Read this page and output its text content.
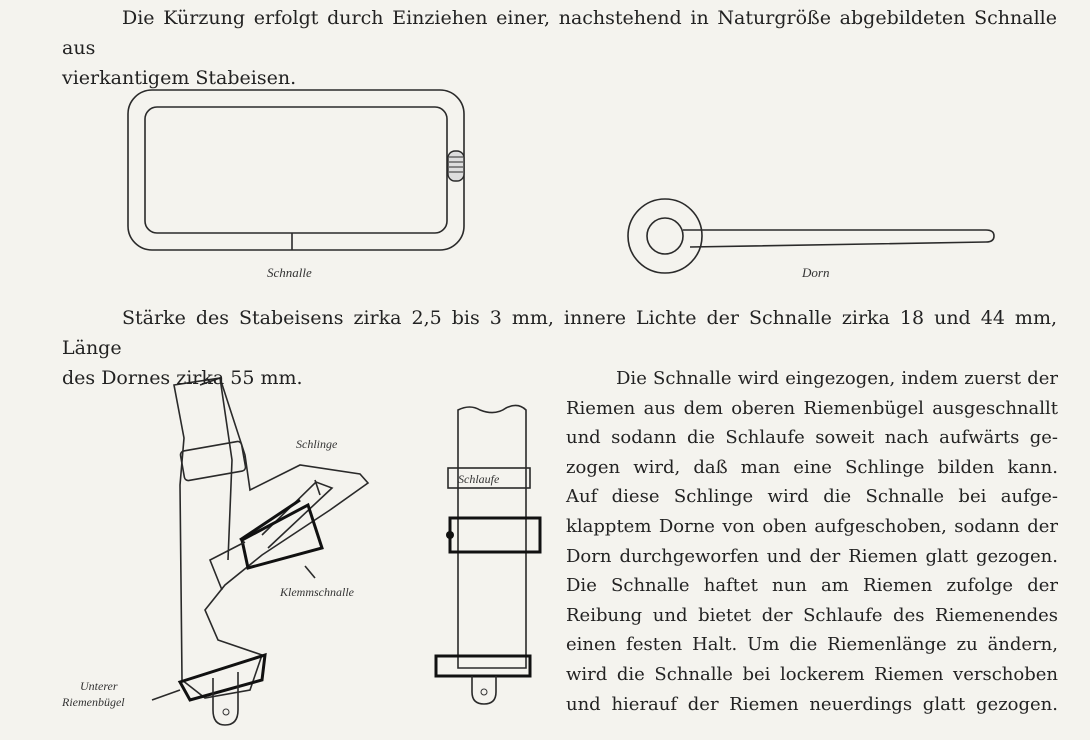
Die Kürzung erfolgt durch Einziehen einer, nachstehend in Naturgröße abgebildeten Schnalle aus
vierkantigem Stabeisen.

Schlinge
Klemmschnalle
Unterer
Riemenbügel
Schlaufe
Schnalle	Dorn

Stärke des Stabeisens zirka 2,5 bis 3 mm, innere Lichte der Schnalle zirka 18 und 44 mm, Länge
des Dornes zirka 55 mm.	Die Schnalle wird eingezogen, indem zuerst der
Riemen aus dem oberen Riemenbügel ausgeschnallt
und sodann die Schlaufe soweit nach aufwärts ge-
zogen wird, daß man eine Schlinge bilden kann.
Auf diese Schlinge wird die Schnalle bei aufge-
klapptem Dorne von oben aufgeschoben, sodann der
Dorn durchgeworfen und der Riemen glatt gezogen.
Die Schnalle haftet nun am Riemen zufolge der
Reibung und bietet der Schlaufe des Riemenendes
einen festen Halt. Um die Riemenlänge zu ändern,
wird die Schnalle bei lockerem Riemen verschoben
und hierauf der Riemen neuerdings glatt gezogen.
